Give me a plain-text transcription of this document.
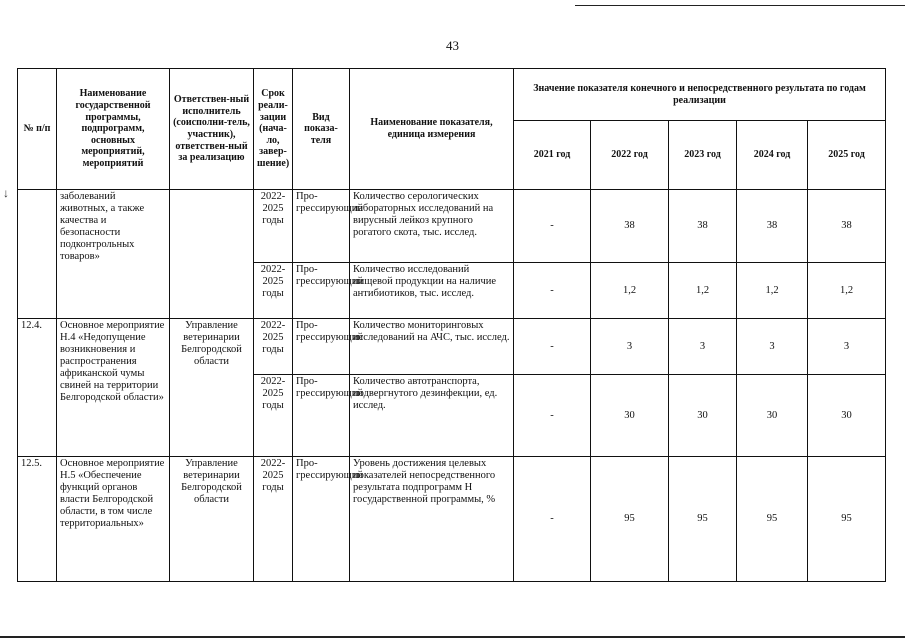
↓
43
№ п/п	Наименование государственной программы, подпрограмм, основных мероприятий, мероприятий	Ответствен-ный исполнитель (соисполни-тель, участник), ответствен-ный за реализацию	Срок реали-зации (нача-ло, завер-шение)	Вид показа-теля	Наименование показателя, единица измерения	Значение показателя конечного и непосредственного результата по годам реализации				
						2021 год	2022 год	2023 год	2024 год	2025 год
	заболеваний животных, а также качества и безопасности подконтрольных товаров»		2022-2025 годы	Про-грессирующий	Количество серологических лабораторных исследований на вирусный лейкоз крупного рогатого скота, тыс. исслед.	-	38	38	38	38
			2022-2025 годы	Про-грессирующий	Количество исследований пищевой продукции на наличие антибиотиков, тыс. исслед.	-	1,2	1,2	1,2	1,2
12.4.	Основное мероприятие Н.4 «Недопущение возникновения и распространения африканской чумы свиней на территории Белгородской области»	Управление ветеринарии Белгородской области	2022-2025 годы	Про-грессирующий	Количество мониторинговых исследований на АЧС, тыс. исслед.	-	3	3	3	3
			2022-2025 годы	Про-грессирующий	Количество автотранспорта, подвергнутого дезинфекции, ед. исслед.	-	30	30	30	30
12.5.	Основное мероприятие Н.5 «Обеспечение функций органов власти Белгородской области, в том числе территориальных»	Управление ветеринарии Белгородской области	2022-2025 годы	Про-грессирующий	Уровень достижения целевых показателей непосредственного результата подпрограмм Н государственной программы, %	-	95	95	95	95
